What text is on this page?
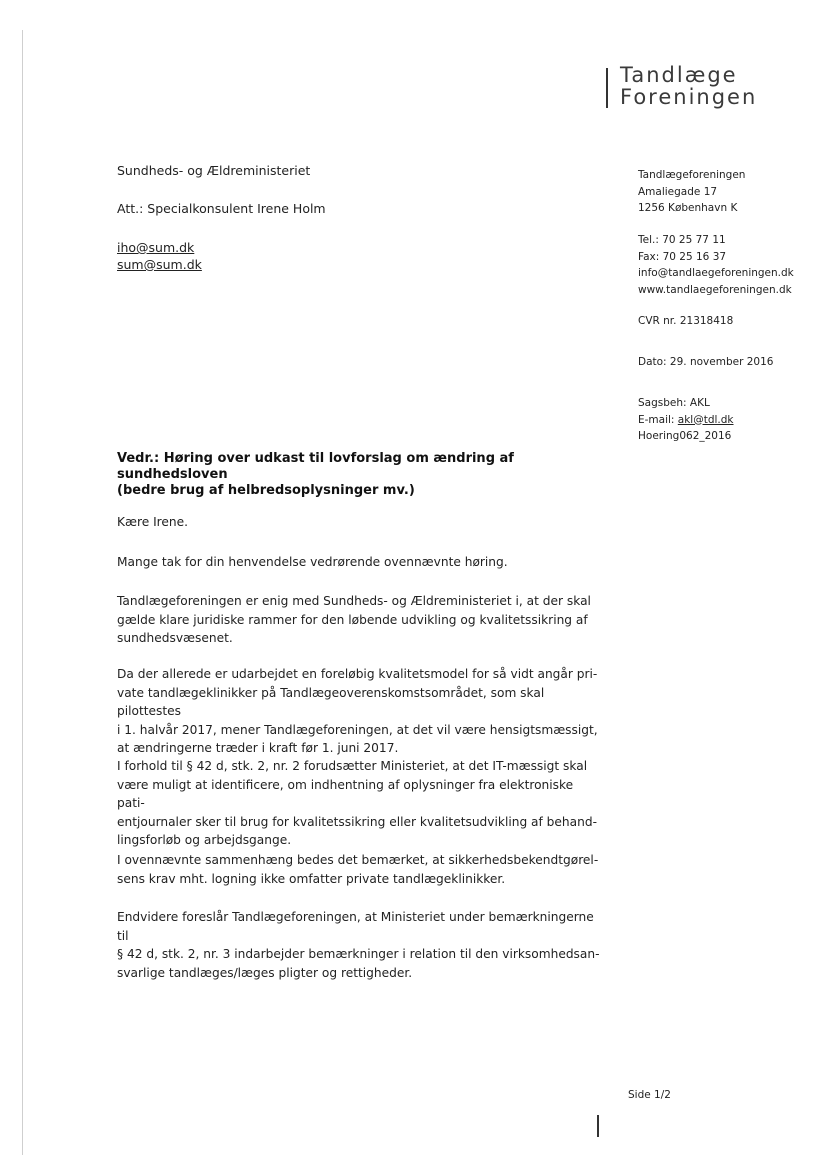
Tandlæge
Foreningen
Sundheds- og Ældreministeriet
Att.: Specialkonsulent Irene Holm
iho@sum.dk
sum@sum.dk
Tandlægeforeningen
Amaliegade 17
1256 København K
Tel.: 70 25 77 11
Fax: 70 25 16 37
info@tandlaegeforeningen.dk
www.tandlaegeforeningen.dk
CVR nr. 21318418
Dato: 29. november 2016
Sagsbeh: AKL
E-mail: akl@tdl.dk
Hoering062_2016
Vedr.: Høring over udkast til lovforslag om ændring af sundhedsloven
(bedre brug af helbredsoplysninger mv.)
Kære Irene.

Mange tak for din henvendelse vedrørende ovennævnte høring.

Tandlægeforeningen er enig med Sundheds- og Ældreministeriet i, at der skal

gælde klare juridiske rammer for den løbende udvikling og kvalitetssikring af

sundhedsvæsenet.

Da der allerede er udarbejdet en foreløbig kvalitetsmodel for så vidt angår pri-

vate tandlægeklinikker på Tandlægeoverenskomstsområdet, som skal pilottestes

i 1. halvår 2017, mener Tandlægeforeningen, at det vil være hensigtsmæssigt,

at ændringerne træder i kraft før 1. juni 2017.

I forhold til § 42 d, stk. 2, nr. 2 forudsætter Ministeriet, at det IT-mæssigt skal

være muligt at identificere, om indhentning af oplysninger fra elektroniske pati-

entjournaler sker til brug for kvalitetssikring eller kvalitetsudvikling af behand-

lingsforløb og arbejdsgange.

I ovennævnte sammenhæng bedes det bemærket, at sikkerhedsbekendtgørel-

sens krav mht. logning ikke omfatter private tandlægeklinikker.

Endvidere foreslår Tandlægeforeningen, at Ministeriet under bemærkningerne til

§ 42 d, stk. 2, nr. 3 indarbejder bemærkninger i relation til den virksomhedsan-

svarlige tandlæges/læges pligter og rettigheder.

Side 1/2
